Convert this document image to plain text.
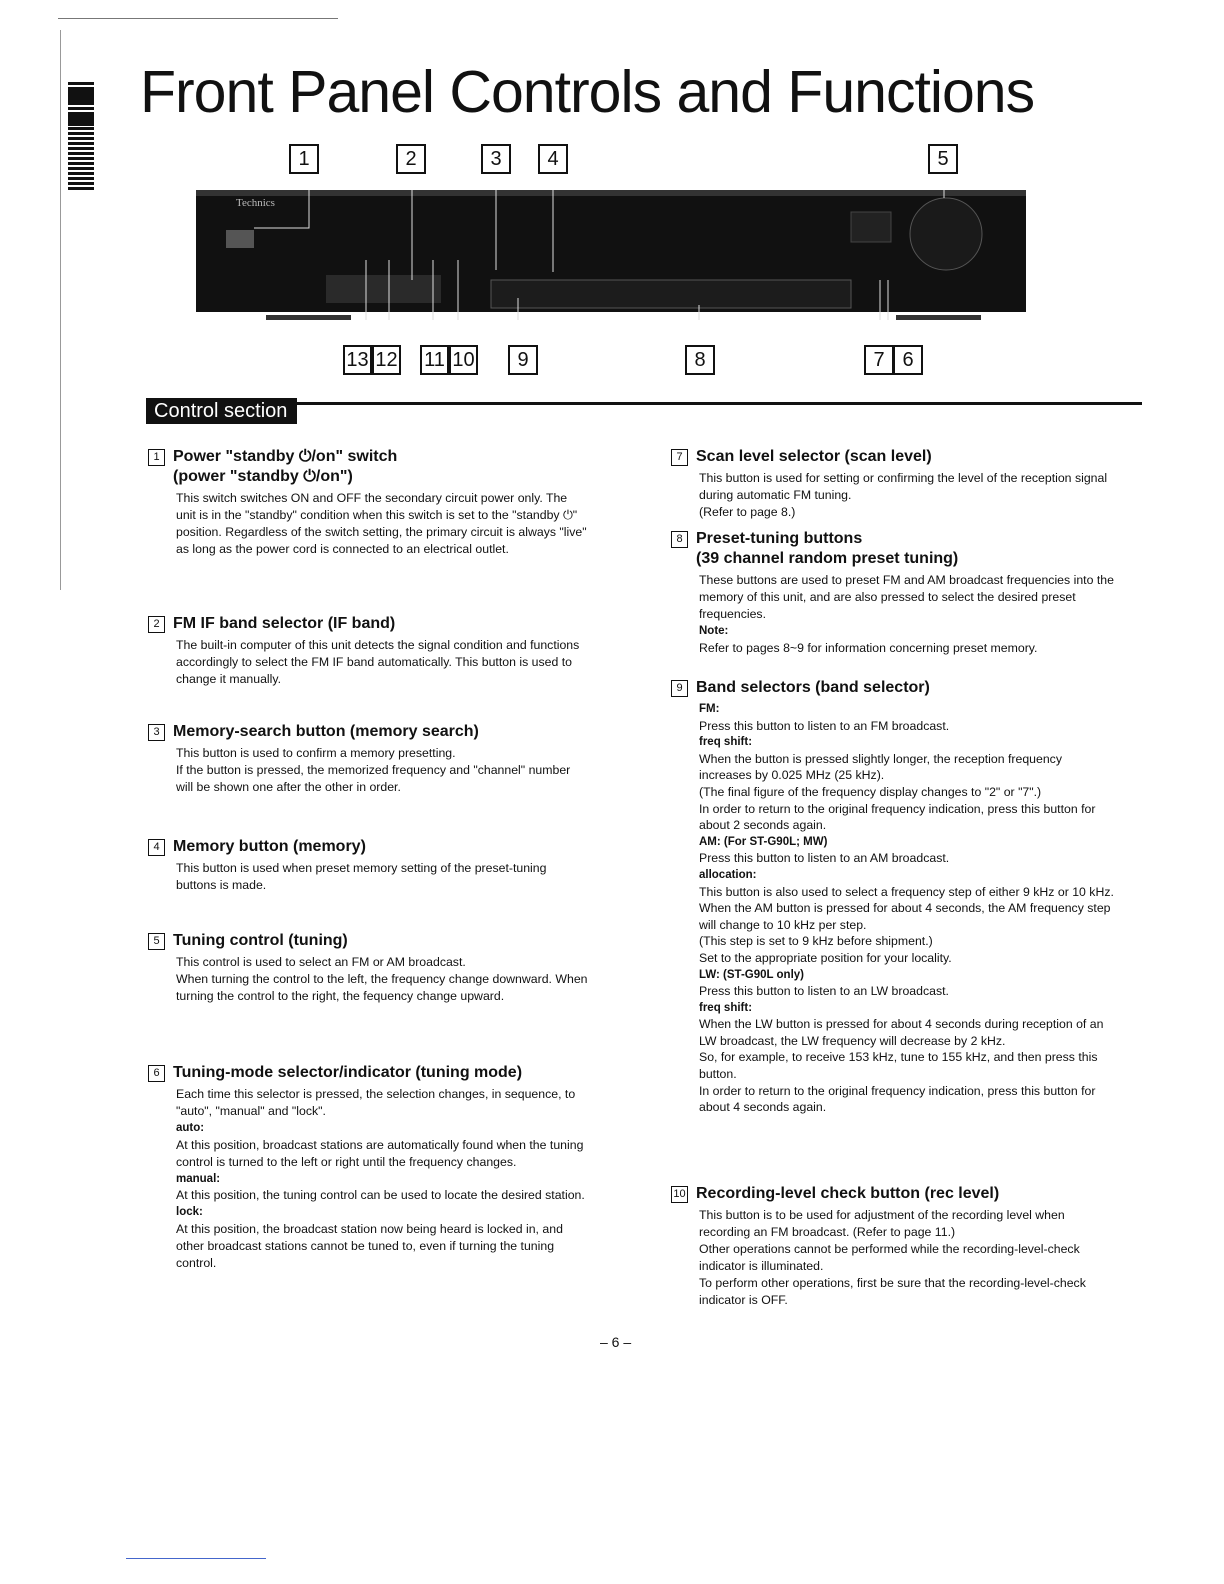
Front Panel Controls and Functions
1	2	3	4	5
Technics
13 12 11 10	9	8	7 6
Control section
1 Power "standby ⏻/on" switch
(power "standby ⏻/on")

This switch switches ON and OFF the secondary circuit power only. The unit is in the "standby" condition when this switch is set to the "standby ⏻" position. Regardless of the switch setting, the primary circuit is always "live" as long as the power cord is connected to an electrical outlet.

2 FM IF band selector (IF band)

The built-in computer of this unit detects the signal condition and functions accordingly to select the FM IF band automatically. This button is used to change it manually.

3 Memory-search button (memory search)

This button is used to confirm a memory presetting.

If the button is pressed, the memorized frequency and "channel" number will be shown one after the other in order.

4 Memory button (memory)

This button is used when preset memory setting of the preset-tuning buttons is made.

5 Tuning control (tuning)

This control is used to select an FM or AM broadcast.

When turning the control to the left, the frequency change downward. When turning the control to the right, the fequency change upward.

6 Tuning-mode selector/indicator (tuning mode)

Each time this selector is pressed, the selection changes, in sequence, to "auto", "manual" and "lock".

auto:

At this position, broadcast stations are automatically found when the tuning control is turned to the left or right until the frequency changes.

manual:

At this position, the tuning control can be used to locate the desired station.

lock:

At this position, the broadcast station now being heard is locked in, and other broadcast stations cannot be tuned to, even if turning the tuning control.

7 Scan level selector (scan level)

This button is used for setting or confirming the level of the reception signal during automatic FM tuning.

(Refer to page 8.)

8 Preset-tuning buttons
(39 channel random preset tuning)

These buttons are used to preset FM and AM broadcast frequencies into the memory of this unit, and are also pressed to select the desired preset frequencies.

Note:

Refer to pages 8~9 for information concerning preset memory.

9 Band selectors (band selector)

FM:

Press this button to listen to an FM broadcast.

freq shift:

When the button is pressed slightly longer, the reception frequency increases by 0.025 MHz (25 kHz).

(The final figure of the frequency display changes to "2" or "7".)

In order to return to the original frequency indication, press this button for about 2 seconds again.

AM: (For ST-G90L; MW)

Press this button to listen to an AM broadcast.

allocation:

This button is also used to select a frequency step of either 9 kHz or 10 kHz.

When the AM button is pressed for about 4 seconds, the AM frequency step will change to 10 kHz per step.

(This step is set to 9 kHz before shipment.)

Set to the appropriate position for your locality.

LW: (ST-G90L only)

Press this button to listen to an LW broadcast.

freq shift:

When the LW button is pressed for about 4 seconds during reception of an LW broadcast, the LW frequency will decrease by 2 kHz.

So, for example, to receive 153 kHz, tune to 155 kHz, and then press this button.

In order to return to the original frequency indication, press this button for about 4 seconds again.

10 Recording-level check button (rec level)

This button is to be used for adjustment of the recording level when recording an FM broadcast. (Refer to page 11.)

Other operations cannot be performed while the recording-level-check indicator is illuminated.

To perform other operations, first be sure that the recording-level-check indicator is OFF.

– 6 –
